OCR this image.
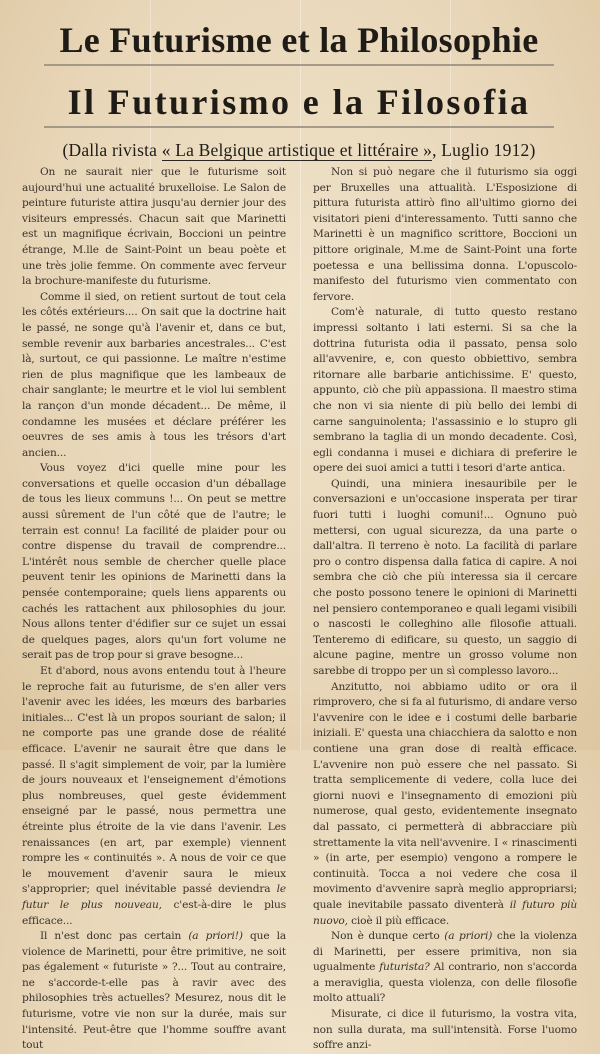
Le Futurisme et la Philosophie
Il Futurismo e la Filosofia
(Dalla rivista « La Belgique artistique et littéraire », Luglio 1912)

On ne saurait nier que le futurisme soit aujourd'hui une actualité bruxelloise. Le Salon de peinture futuriste attira jusqu'au dernier jour des visiteurs empressés. Chacun sait que Marinetti est un magnifique écrivain, Boccioni un peintre étrange, M.lle de Saint-Point un beau poète et une très jolie femme. On commente avec ferveur la brochure-manifeste du futurisme.

Comme il sied, on retient surtout de tout cela les côtés extérieurs.... On sait que la doctrine hait le passé, ne songe qu'à l'avenir et, dans ce but, semble revenir aux barbaries ancestrales... C'est là, surtout, ce qui passionne. Le maître n'estime rien de plus magnifique que les lambeaux de chair sanglante; le meurtre et le viol lui semblent la rançon d'un monde décadent... De même, il condamne les musées et déclare préférer les oeuvres de ses amis à tous les trésors d'art ancien...

Vous voyez d'ici quelle mine pour les conversations et quelle occasion d'un déballage de tous les lieux communs !... On peut se mettre aussi sûrement de l'un côté que de l'autre; le terrain est connu! La facilité de plaider pour ou contre dispense du travail de comprendre... L'intérêt nous semble de chercher quelle place peuvent tenir les opinions de Marinetti dans la pensée contemporaine; quels liens apparents ou cachés les rattachent aux philosophies du jour. Nous allons tenter d'édifier sur ce sujet un essai de quelques pages, alors qu'un fort volume ne serait pas de trop pour si grave besogne...

Et d'abord, nous avons entendu tout à l'heure le reproche fait au futurisme, de s'en aller vers l'avenir avec les idées, les mœurs des barbaries initiales... C'est là un propos souriant de salon; il ne comporte pas une grande dose de réalité efficace. L'avenir ne saurait être que dans le passé. Il s'agit simplement de voir, par la lumière de jours nouveaux et l'enseignement d'émotions plus nombreuses, quel geste évidemment enseigné par le passé, nous permettra une étreinte plus étroite de la vie dans l'avenir. Les renaissances (en art, par exemple) viennent rompre les « continuités ». A nous de voir ce que le mouvement d'avenir saura le mieux s'approprier; quel inévitable passé deviendra le futur le plus nouveau, c'est-à-dire le plus efficace...

Il n'est donc pas certain (a priori!) que la violence de Marinetti, pour être primitive, ne soit pas également « futuriste » ?... Tout au contraire, ne s'accorde-t-elle pas à ravir avec des philosophies très actuelles? Mesurez, nous dit le futurisme, votre vie non sur la durée, mais sur l'intensité. Peut-être que l'homme souffre avant tout

Non si può negare che il futurismo sia oggi per Bruxelles una attualità. L'Esposizione di pittura futurista attirò fino all'ultimo giorno dei visitatori pieni d'interessamento. Tutti sanno che Marinetti è un magnifico scrittore, Boccioni un pittore originale, M.me de Saint-Point una forte poetessa e una bellissima donna. L'opuscolo-manifesto del futurismo vien commentato con fervore.

Com'è naturale, di tutto questo restano impressi soltanto i lati esterni. Si sa che la dottrina futurista odia il passato, pensa solo all'avvenire, e, con questo obbiettivo, sembra ritornare alle barbarie antichissime. E' questo, appunto, ciò che più appassiona. Il maestro stima che non vi sia niente di più bello dei lembi di carne sanguinolenta; l'assassinio e lo stupro gli sembrano la taglia di un mondo decadente. Così, egli condanna i musei e dichiara di preferire le opere dei suoi amici a tutti i tesori d'arte antica.

Quindi, una miniera inesauribile per le conversazioni e un'occasione insperata per tirar fuori tutti i luoghi comuni!... Ognuno può mettersi, con ugual sicurezza, da una parte o dall'altra. Il terreno è noto. La facilità di parlare pro o contro dispensa dalla fatica di capire. A noi sembra che ciò che più interessa sia il cercare che posto possono tenere le opinioni di Marinetti nel pensiero contemporaneo e quali legami visibili o nascosti le colleghino alle filosofie attuali. Tenteremo di edificare, su questo, un saggio di alcune pagine, mentre un grosso volume non sarebbe di troppo per un sì complesso lavoro...

Anzitutto, noi abbiamo udito or ora il rimprovero, che si fa al futurismo, di andare verso l'avvenire con le idee e i costumi delle barbarie iniziali. E' questa una chiacchiera da salotto e non contiene una gran dose di realtà efficace. L'avvenire non può essere che nel passato. Si tratta semplicemente di vedere, colla luce dei giorni nuovi e l'insegnamento di emozioni più numerose, qual gesto, evidentemente insegnato dal passato, ci permetterà di abbracciare più strettamente la vita nell'avvenire. I « rinascimenti » (in arte, per esempio) vengono a rompere le continuità. Tocca a noi vedere che cosa il movimento d'avvenire saprà meglio appropriarsi; quale inevitabile passato diventerà il futuro più nuovo, cioè il più efficace.

Non è dunque certo (a priori) che la violenza di Marinetti, per essere primitiva, non sia ugualmente futurista? Al contrario, non s'accorda a meraviglia, questa violenza, con delle filosofie molto attuali?

Misurate, ci dice il futurismo, la vostra vita, non sulla durata, ma sull'intensità. Forse l'uomo soffre anzi-
